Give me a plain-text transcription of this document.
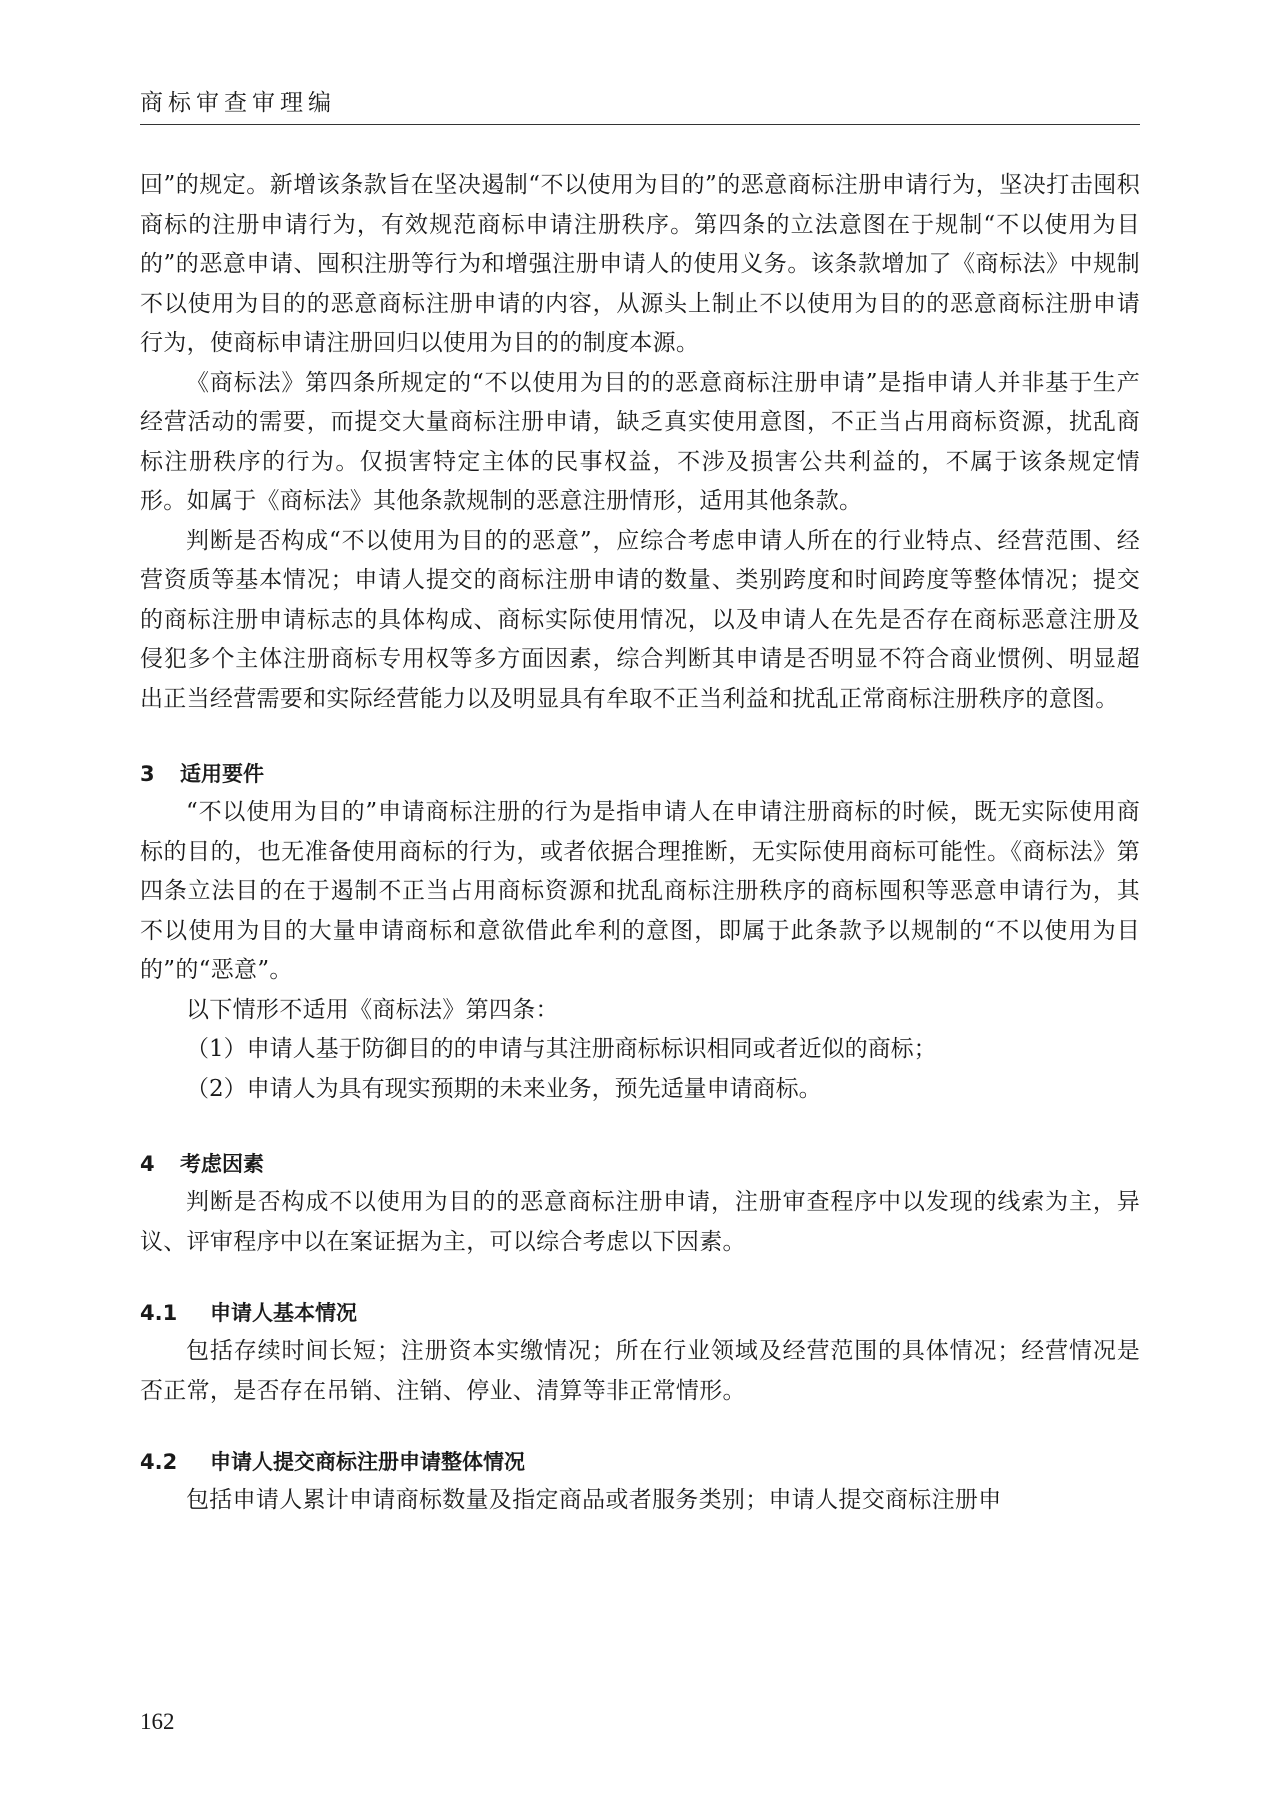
商标审查审理编

回”的规定。新增该条款旨在坚决遏制“不以使用为目的”的恶意商标注册申请行为，坚决打击囤积商标的注册申请行为，有效规范商标申请注册秩序。第四条的立法意图在于规制“不以使用为目的”的恶意申请、囤积注册等行为和增强注册申请人的使用义务。该条款增加了《商标法》中规制不以使用为目的的恶意商标注册申请的内容，从源头上制止不以使用为目的的恶意商标注册申请行为，使商标申请注册回归以使用为目的的制度本源。

《商标法》第四条所规定的“不以使用为目的的恶意商标注册申请”是指申请人并非基于生产经营活动的需要，而提交大量商标注册申请，缺乏真实使用意图，不正当占用商标资源，扰乱商标注册秩序的行为。仅损害特定主体的民事权益，不涉及损害公共利益的，不属于该条规定情形。如属于《商标法》其他条款规制的恶意注册情形，适用其他条款。

判断是否构成“不以使用为目的的恶意”，应综合考虑申请人所在的行业特点、经营范围、经营资质等基本情况；申请人提交的商标注册申请的数量、类别跨度和时间跨度等整体情况；提交的商标注册申请标志的具体构成、商标实际使用情况，以及申请人在先是否存在商标恶意注册及侵犯多个主体注册商标专用权等多方面因素，综合判断其申请是否明显不符合商业惯例、明显超出正当经营需要和实际经营能力以及明显具有牟取不正当利益和扰乱正常商标注册秩序的意图。

3 适用要件

“不以使用为目的”申请商标注册的行为是指申请人在申请注册商标的时候，既无实际使用商标的目的，也无准备使用商标的行为，或者依据合理推断，无实际使用商标可能性。《商标法》第四条立法目的在于遏制不正当占用商标资源和扰乱商标注册秩序的商标囤积等恶意申请行为，其不以使用为目的大量申请商标和意欲借此牟利的意图，即属于此条款予以规制的“不以使用为目的”的“恶意”。

以下情形不适用《商标法》第四条：

（1）申请人基于防御目的的申请与其注册商标标识相同或者近似的商标；

（2）申请人为具有现实预期的未来业务，预先适量申请商标。

4 考虑因素

判断是否构成不以使用为目的的恶意商标注册申请，注册审查程序中以发现的线索为主，异议、评审程序中以在案证据为主，可以综合考虑以下因素。

4.1 申请人基本情况

包括存续时间长短；注册资本实缴情况；所在行业领域及经营范围的具体情况；经营情况是否正常，是否存在吊销、注销、停业、清算等非正常情形。

4.2 申请人提交商标注册申请整体情况

包括申请人累计申请商标数量及指定商品或者服务类别；申请人提交商标注册申

162
